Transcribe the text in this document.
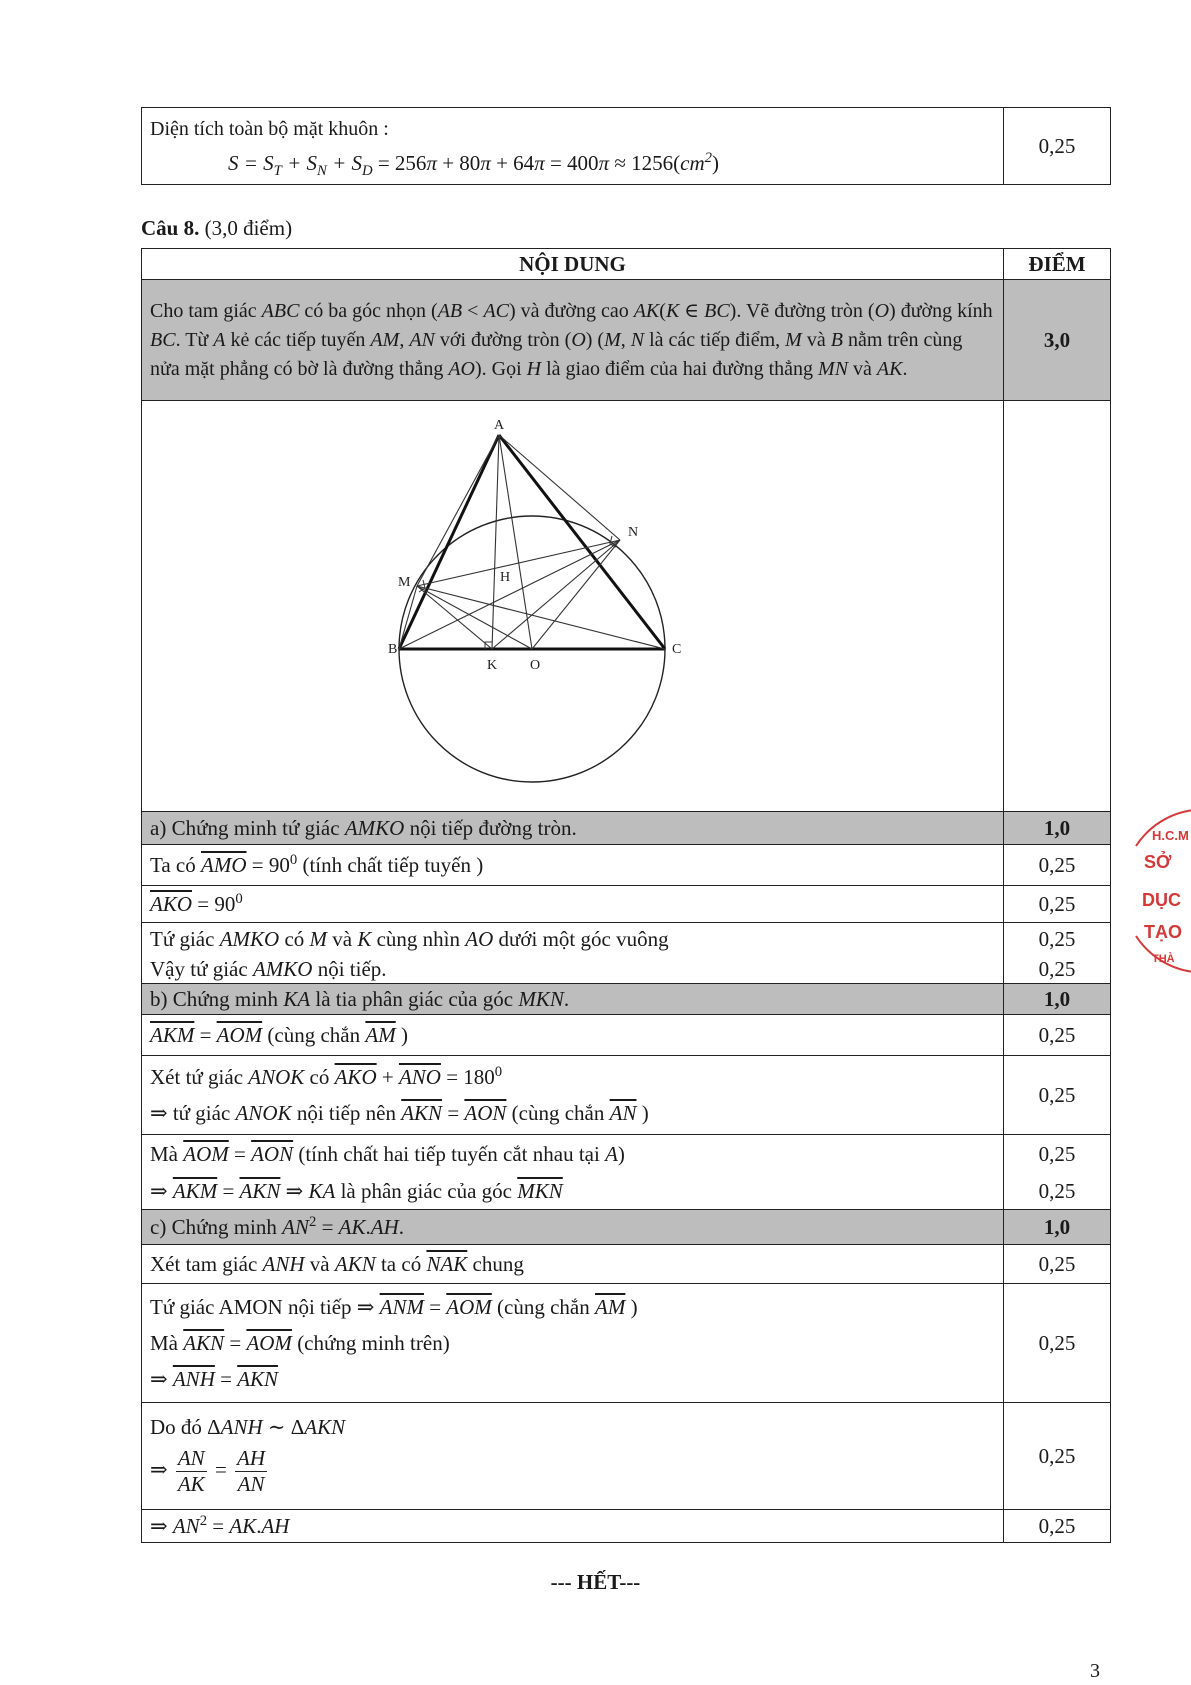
Diện tích toàn bộ mặt khuôn :
$S = S_T + S_N + S_D = 256\pi + 80\pi + 64\pi = 400\pi \approx 1256(cm^2)$
0,25
Câu 8. (3,0 điểm)
NỘI DUNG	ĐIỂM
Cho tam giác ABC có ba góc nhọn (AB < AC) và đường cao AK(K ∈ BC). Vẽ đường tròn (O) đường kính BC. Từ A kẻ các tiếp tuyến AM, AN với đường tròn (O) (M, N là các tiếp điểm, M và B nằm trên cùng nửa mặt phẳng có bờ là đường thẳng AO). Gọi H là giao điểm của hai đường thẳng MN và AK.
3,0
A
N
M	H
B
K O
C
a) Chứng minh tứ giác AMKO nội tiếp đường tròn.	1,0
Ta có $\overline{AMO} = 90^0$ (tính chất tiếp tuyến )	0,25
$\overline{AKO} = 90^0$	0,25
Tứ giác AMKO có M và K cùng nhìn AO dưới một góc vuông	0,25
Vậy tứ giác AMKO nội tiếp.	0,25
b) Chứng minh KA là tia phân giác của góc MKN.	1,0
$\overline{AKM} = \overline{AOM}$ (cùng chắn $\overline{AM}$ )	0,25
Xét tứ giác ANOK có $\overline{AKO} + \overline{ANO} = 180^0$
⇒ tứ giác ANOK nội tiếp nên $\overline{AKN} = \overline{AON}$ (cùng chắn $\overline{AN}$ )
0,25
Mà $\overline{AOM} = \overline{AON}$ (tính chất hai tiếp tuyến cắt nhau tại A)	0,25
⇒ $\overline{AKM} = \overline{AKN}$ ⇒ KA là phân giác của góc $\overline{MKN}$	0,25
c) Chứng minh $AN^2 = AK.AH$.	1,0
Xét tam giác ANH và AKN ta có $\overline{NAK}$ chung	0,25
Tứ giác AMON nội tiếp ⇒ $\overline{ANM} = \overline{AOM}$ (cùng chắn $\overline{AM}$ )
Mà $\overline{AKN} = \overline{AOM}$ (chứng minh trên)
⇒ $\overline{ANH} = \overline{AKN}$
0,25
Do đó ΔANH ∼ ΔAKN
⇒ $\frac{AN}{AK} = \frac{AH}{AN}$	0,25
⇒ $AN^2 = AK.AH$	0,25
--- HẾT---
3
H.C.M
SỞ
DỤC
TẠO
THÀ
